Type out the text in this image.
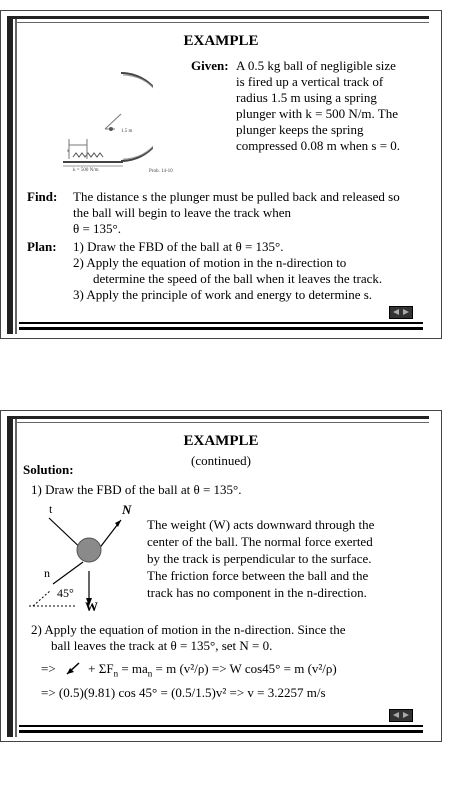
EXAMPLE
1.5 m
s
k = 500 N/m	Prob. 14-10
Given: A 0.5 kg ball of negligible size
is fired up a vertical track of
radius 1.5 m using a spring
plunger with k = 500 N/m. The
plunger keeps the spring
compressed 0.08 m when s = 0.
Find: The distance s the plunger must be pulled back and released so
the ball will begin to leave the track when
θ = 135°.
Plan: 1) Draw the FBD of the ball at θ = 135°.
2) Apply the equation of motion in the n-direction to
determine the speed of the ball when it leaves the track.
3) Apply the principle of work and energy to determine s.
EXAMPLE
(continued)
Solution:
1) Draw the FBD of the ball at θ = 135°.
t	N
n
45°
W
The weight (W) acts downward through the
center of the ball. The normal force exerted
by the track is perpendicular to the surface.
The friction force between the ball and the
track has no component in the n-direction.
2) Apply the equation of motion in the n-direction. Since the
ball leaves the track at θ = 135°, set N = 0.
=>	+ $\Sigma F_n = ma_n = m$ (v²/ρ) => W cos45° = m (v²/ρ)
=> (0.5)(9.81) cos 45° = (0.5/1.5)v² => v = 3.2257 m/s
